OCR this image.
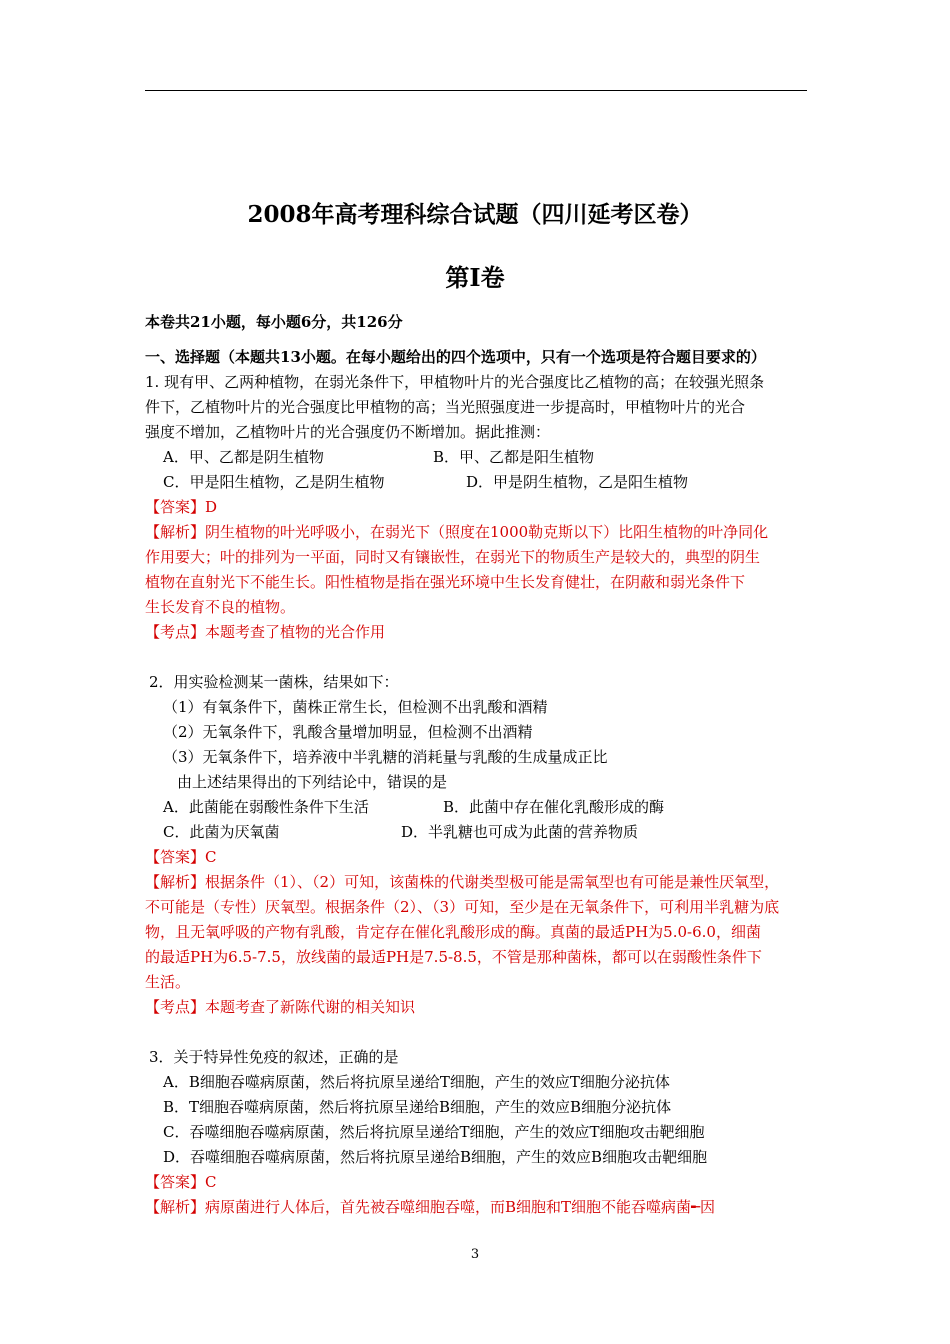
2008年高考理科综合试题（四川延考区卷）
第Ⅰ卷

本卷共21小题，每小题6分，共126分

一、选择题（本题共13小题。在每小题给出的四个选项中，只有一个选项是符合题目要求的）

1. 现有甲、乙两种植物，在弱光条件下，甲植物叶片的光合强度比乙植物的高；在较强光照条

件下，乙植物叶片的光合强度比甲植物的高；当光照强度进一步提高时，甲植物叶片的光合

强度不增加，乙植物叶片的光合强度仍不断增加。据此推测：

A．甲、乙都是阴生植物	B．甲、乙都是阳生植物
C．甲是阳生植物，乙是阴生植物	D．甲是阴生植物，乙是阳生植物

【答案】D

【解析】阴生植物的叶光呼吸小，在弱光下（照度在1000勒克斯以下）比阳生植物的叶净同化

作用要大；叶的排列为一平面，同时又有镶嵌性，在弱光下的物质生产是较大的，典型的阴生

植物在直射光下不能生长。阳性植物是指在强光环境中生长发育健壮，在阴蔽和弱光条件下

生长发育不良的植物。

【考点】本题考查了植物的光合作用

2．用实验检测某一菌株，结果如下：

（1）有氧条件下，菌株正常生长，但检测不出乳酸和酒精

（2）无氧条件下，乳酸含量增加明显，但检测不出酒精

（3）无氧条件下，培养液中半乳糖的消耗量与乳酸的生成量成正比

由上述结果得出的下列结论中，错误的是

A．此菌能在弱酸性条件下生活	B．此菌中存在催化乳酸形成的酶
C．此菌为厌氧菌	D．半乳糖也可成为此菌的营养物质

【答案】C

【解析】根据条件（1）、（2）可知，该菌株的代谢类型极可能是需氧型也有可能是兼性厌氧型，

不可能是（专性）厌氧型。根据条件（2）、（3）可知，至少是在无氧条件下，可利用半乳糖为底

物，且无氧呼吸的产物有乳酸，肯定存在催化乳酸形成的酶。真菌的最适PH为5.0-6.0，细菌

的最适PH为6.5-7.5，放线菌的最适PH是7.5-8.5，不管是那种菌株，都可以在弱酸性条件下

生活。

【考点】本题考查了新陈代谢的相关知识

3．关于特异性免疫的叙述，正确的是

A．B细胞吞噬病原菌，然后将抗原呈递给T细胞，产生的效应T细胞分泌抗体

B．T细胞吞噬病原菌，然后将抗原呈递给B细胞，产生的效应B细胞分泌抗体

C．吞噬细胞吞噬病原菌，然后将抗原呈递给T细胞，产生的效应T细胞攻击靶细胞

D．吞噬细胞吞噬病原菌，然后将抗原呈递给B细胞，产生的效应B细胞攻击靶细胞

【答案】C

【解析】病原菌进行人体后，首先被吞噬细胞吞噬，而B细胞和T细胞不能吞噬病菌╾因

3
